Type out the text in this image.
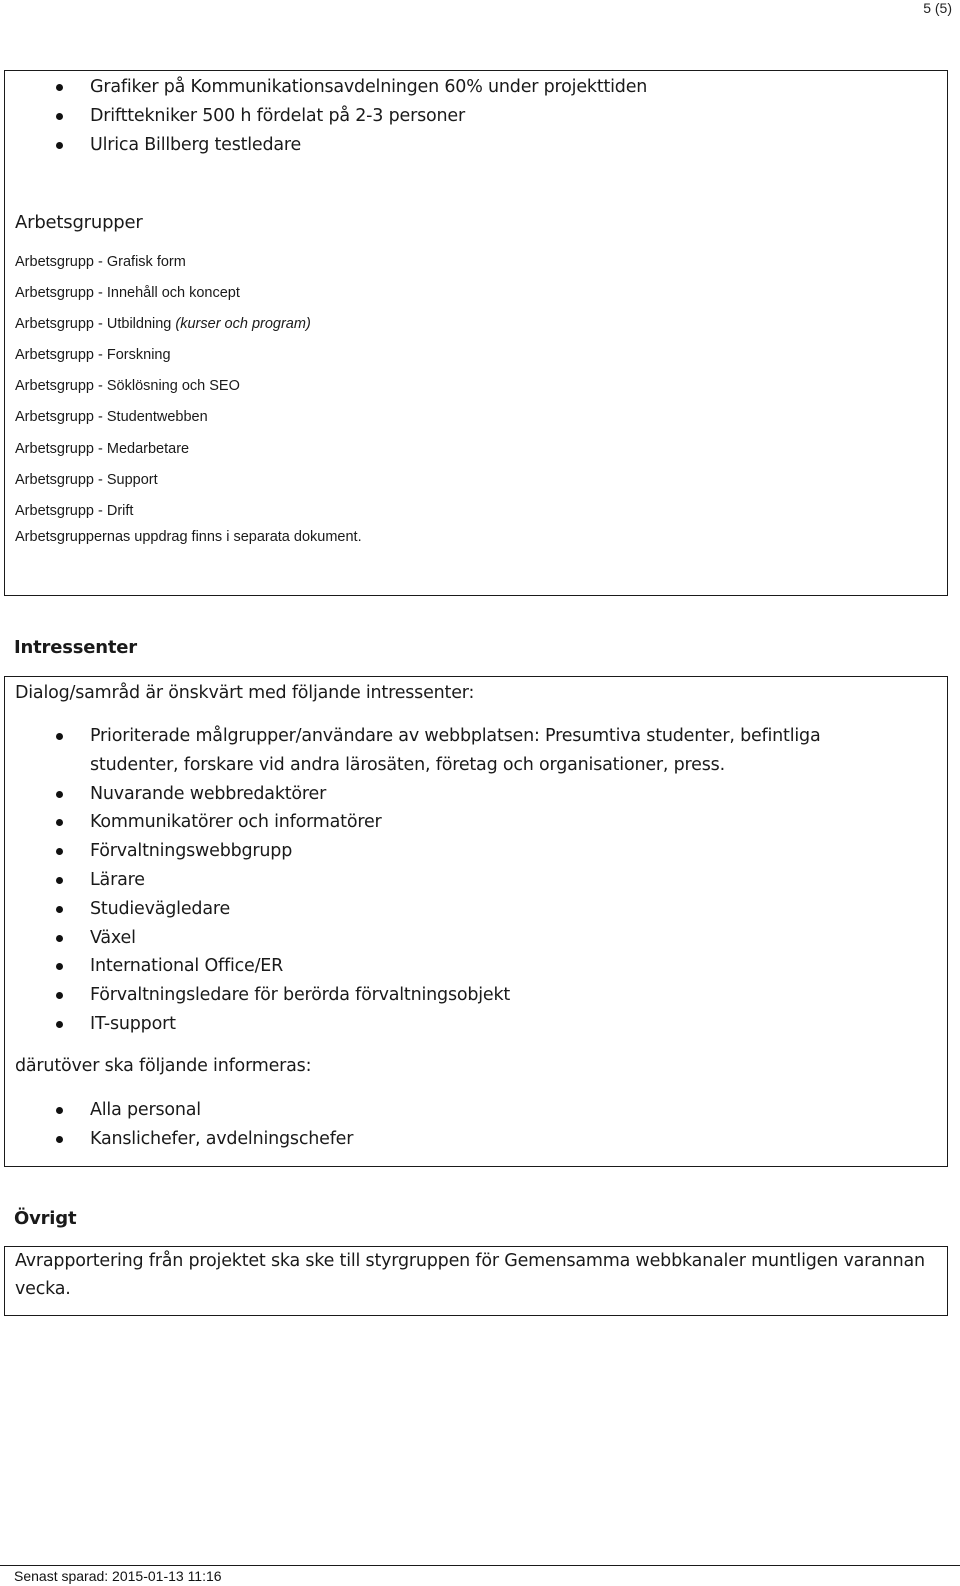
5 (5)
Grafiker på Kommunikationsavdelningen 60% under projekttiden
Drifttekniker 500 h fördelat på 2-3 personer
Ulrica Billberg testledare
Arbetsgrupper
Arbetsgrupp - Grafisk form
Arbetsgrupp - Innehåll och koncept
Arbetsgrupp - Utbildning (kurser och program)
Arbetsgrupp - Forskning
Arbetsgrupp - Söklösning och SEO
Arbetsgrupp - Studentwebben
Arbetsgrupp - Medarbetare
Arbetsgrupp - Support
Arbetsgrupp - Drift
Arbetsgruppernas uppdrag finns i separata dokument.
Intressenter
Dialog/samråd är önskvärt med följande intressenter:
Prioriterade målgrupper/användare av webbplatsen: Presumtiva studenter, befintliga studenter, forskare vid andra lärosäten, företag och organisationer, press.
Nuvarande webbredaktörer
Kommunikatörer och informatörer
Förvaltningswebbgrupp
Lärare
Studievägledare
Växel
International Office/ER
Förvaltningsledare för berörda förvaltningsobjekt
IT-support
därutöver ska följande informeras:
Alla personal
Kanslichefer, avdelningschefer
Övrigt
Avrapportering från projektet ska ske till styrgruppen för Gemensamma webbkanaler muntligen varannan vecka.
Senast sparad: 2015-01-13 11:16
